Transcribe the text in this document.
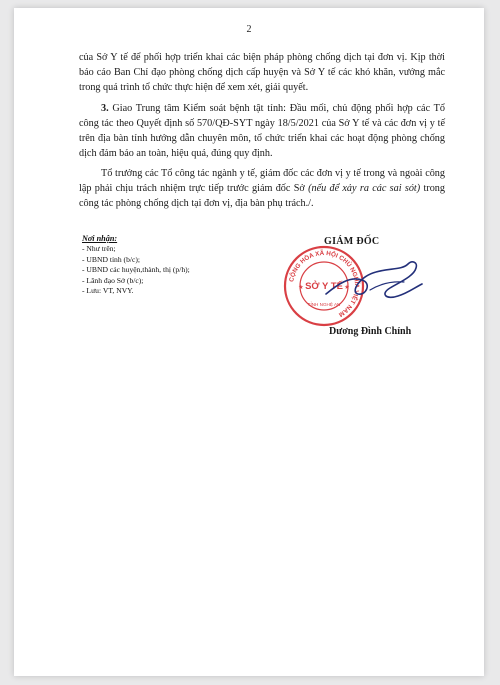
2

của Sở Y tế để phối hợp triển khai các biện pháp phòng chống dịch tại đơn vị. Kịp thời báo cáo Ban Chỉ đạo phòng chống dịch cấp huyện và Sở Y tế các khó khăn, vướng mắc trong quá trình tổ chức thực hiện để xem xét, giải quyết.

3. Giao Trung tâm Kiểm soát bệnh tật tỉnh: Đầu mối, chủ động phối hợp các Tổ công tác theo Quyết định số 570/QĐ-SYT ngày 18/5/2021 của Sở Y tế và các đơn vị y tế trên địa bàn tỉnh hướng dẫn chuyên môn, tổ chức triển khai các hoạt động phòng chống dịch đảm bảo an toàn, hiệu quả, đúng quy định.

Tổ trưởng các Tổ công tác ngành y tế, giám đốc các đơn vị y tế trong và ngoài công lập phải chịu trách nhiệm trực tiếp trước giám đốc Sở (nếu để xảy ra các sai sót) trong công tác phòng chống dịch tại đơn vị, địa bàn phụ trách./.

Nơi nhận:
- Như trên;
- UBND tỉnh (b/c);
- UBND các huyện,thành, thị (p/h);
- Lãnh đạo Sở (b/c);
- Lưu: VT, NVY.
GIÁM ĐỐC
CỘNG HÒA XÃ HỘI CHỦ NGHĨA VIỆT NAM
SỞ Y TẾ
TỈNH NGHỆ AN
★	★
Dương Đình Chỉnh
